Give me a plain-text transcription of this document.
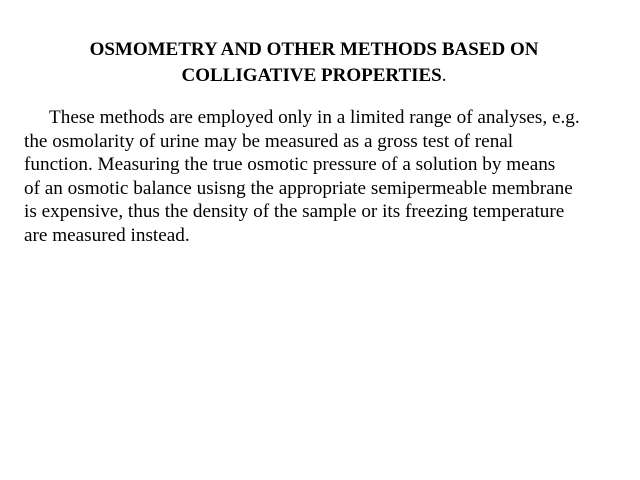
OSMOMETRY AND OTHER METHODS BASED ON
COLLIGATIVE PROPERTIES.
These methods are employed only in a limited range of analyses, e.g.
the osmolarity of urine may be measured as a gross test of renal
function. Measuring the true osmotic pressure of a solution by means
of an osmotic balance usisng the appropriate semipermeable membrane
is expensive, thus the density of the sample or its freezing temperature
are measured instead.
